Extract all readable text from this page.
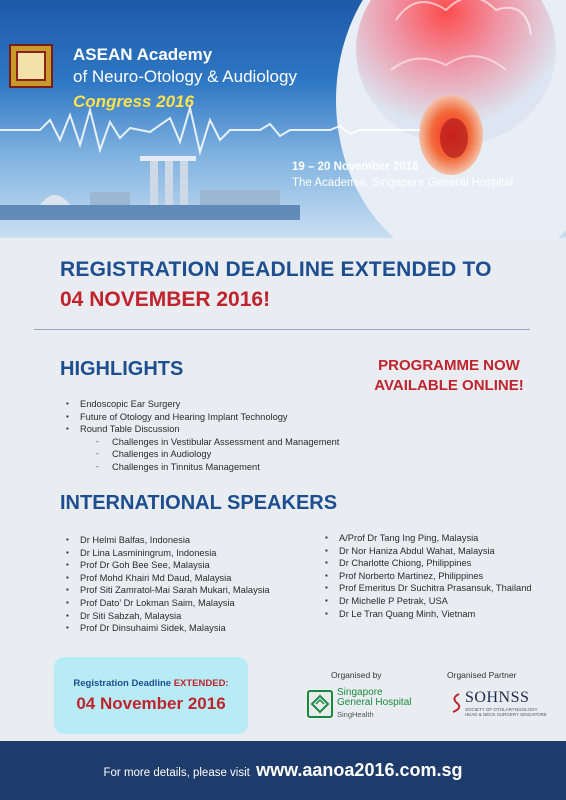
ASEAN Academy
of Neuro-Otology & Audiology
Congress 2016
19 – 20 November 2016
The Academia, Singapore General Hospital
REGISTRATION DEADLINE EXTENDED TO
04 NOVEMBER 2016!
HIGHLIGHTS	PROGRAMME NOW
AVAILABLE ONLINE!
▪ Endoscopic Ear Surgery
▪ Future of Otology and Hearing Implant Technology
▪ Round Table Discussion
- Challenges in Vestibular Assessment and Management
- Challenges in Audiology
- Challenges in Tinnitus Management
INTERNATIONAL SPEAKERS
▪ Dr Helmi Balfas, Indonesia
▪ Dr Lina Lasminingrum, Indonesia
▪ Prof Dr Goh Bee See, Malaysia
▪ Prof Mohd Khairi Md Daud, Malaysia
▪ Prof Siti Zamratol-Mai Sarah Mukari, Malaysia
▪ Prof Dato’ Dr Lokman Saim, Malaysia
▪ Dr Siti Sabzah, Malaysia
▪ Prof Dr Dinsuhaimi Sidek, Malaysia
▪ A/Prof Dr Tang Ing Ping, Malaysia
▪ Dr Nor Haniza Abdul Wahat, Malaysia
▪ Dr Charlotte Chiong, Philippines
▪ Prof Norberto Martinez, Philippines
▪ Prof Emeritus Dr Suchitra Prasansuk, Thailand
▪ Dr Michelle P Petrak, USA
▪ Dr Le Tran Quang Minh, Vietnam
Registration Deadline EXTENDED:
04 November 2016
Organised by	Organised Partner
Singapore
General Hospital
SingHealth
SOHNSS
SOCIETY OF OTOLARYNGOLOGY
HEAD & NECK SURGERY SINGAPORE
For more details, please visit www.aanoa2016.com.sg
